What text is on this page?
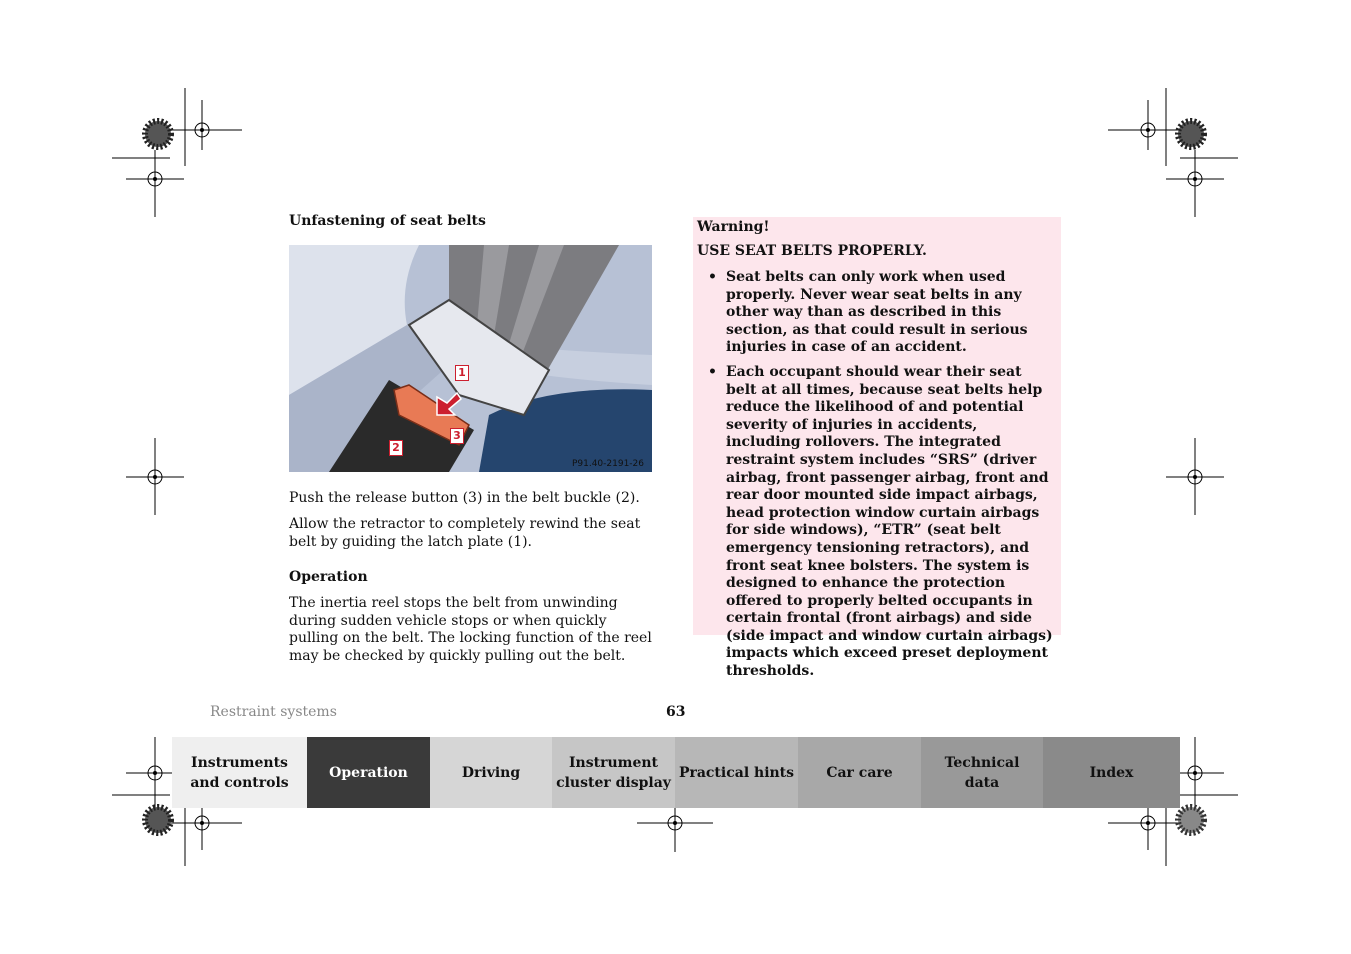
Unfastening of seat belts
1
2
3
P91.40-2191-26
Push the release button (3) in the belt buckle (2).
Allow the retractor to completely rewind the seat belt by guiding the latch plate (1).
Operation
The inertia reel stops the belt from unwinding during sudden vehicle stops or when quickly pulling on the belt. The locking function of the reel may be checked by quickly pulling out the belt.
Warning!
USE SEAT BELTS PROPERLY.
• Seat belts can only work when used properly. Never wear seat belts in any other way than as described in this section, as that could result in serious injuries in case of an accident.
• Each occupant should wear their seat belt at all times, because seat belts help reduce the likelihood of and potential severity of injuries in accidents, including rollovers. The integrated restraint system includes “SRS” (driver airbag, front passenger airbag, front and rear door mounted side impact airbags, head protection window curtain airbags for side windows), “ETR” (seat belt emergency tensioning retractors), and front seat knee bolsters. The system is designed to enhance the protection offered to properly belted occupants in certain frontal (front airbags) and side (side impact and window curtain airbags) impacts which exceed preset deployment thresholds.
Restraint systems	63
Instruments
and controls
Operation	Driving
Instrument
cluster display
Practical hints	Car care
Technical
data
Index
